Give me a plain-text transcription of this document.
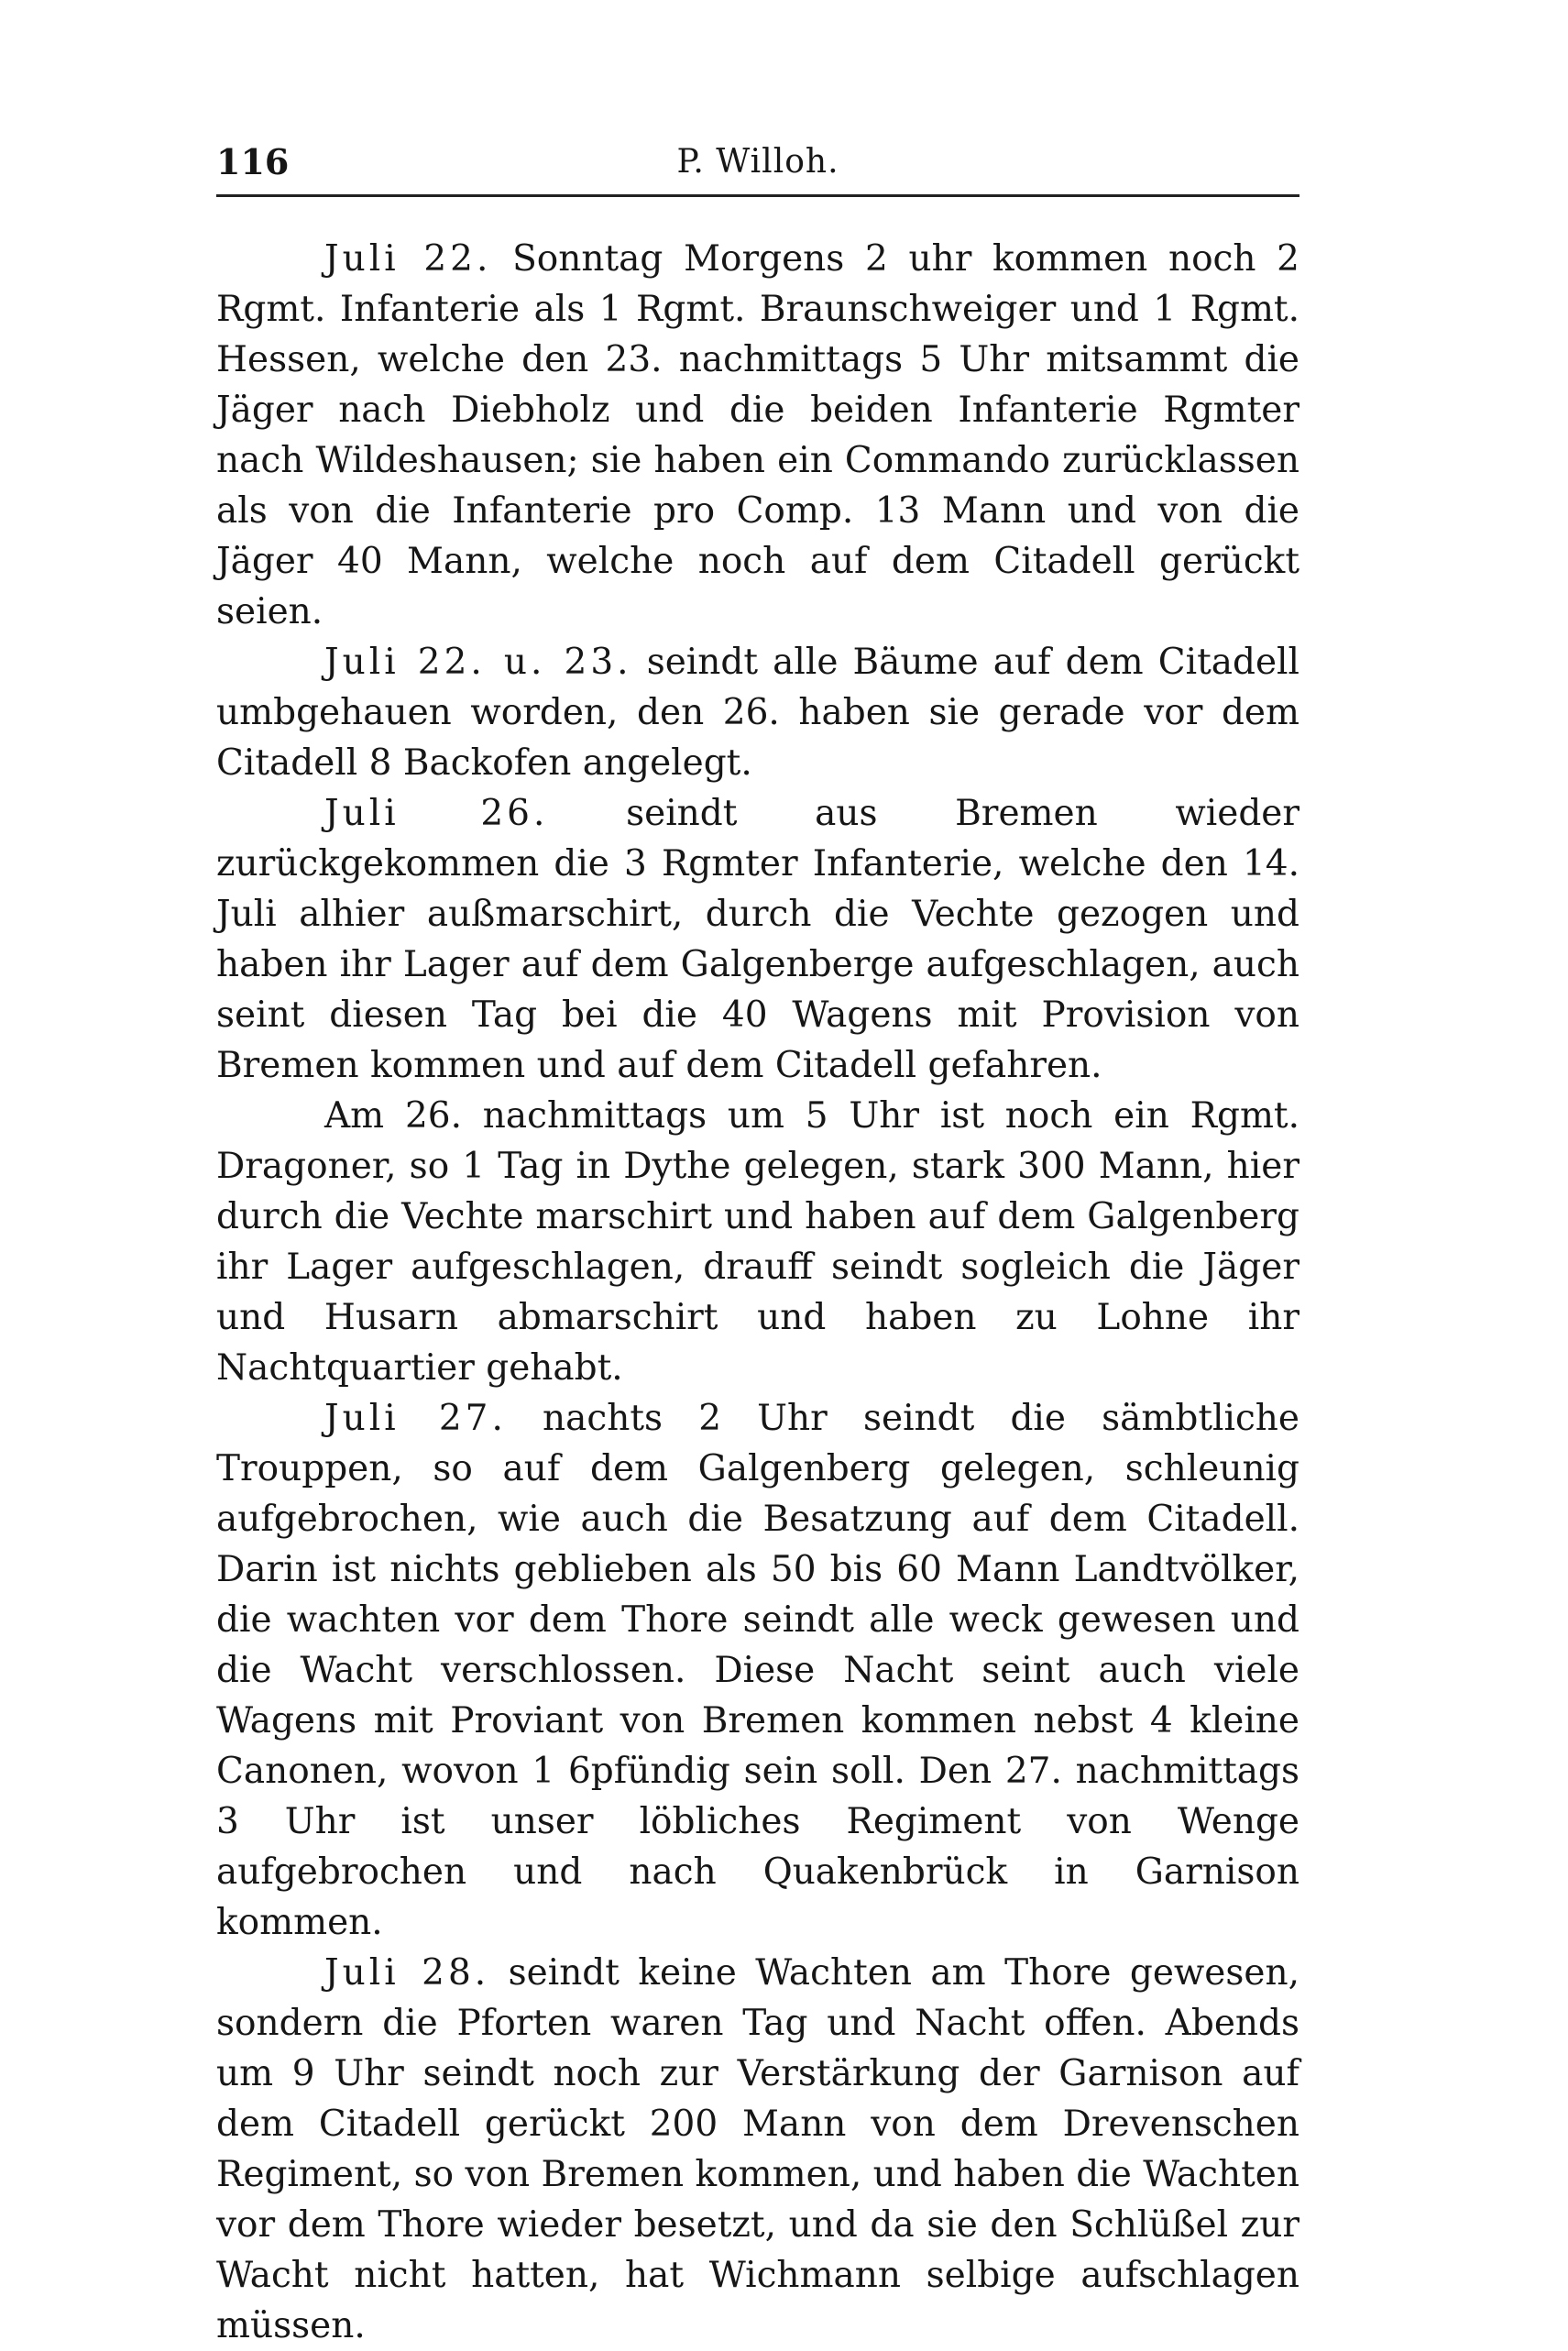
116	P. Willoh.

Juli 22. Sonntag Morgens 2 uhr kommen noch 2 Rgmt. Infanterie als 1 Rgmt. Braunschweiger und 1 Rgmt. Hessen, welche den 23. nachmittags 5 Uhr mitsammt die Jäger nach Diebholz und die beiden Infanterie Rgmter nach Wildeshausen; sie haben ein Commando zurücklassen als von die Infanterie pro Comp. 13 Mann und von die Jäger 40 Mann, welche noch auf dem Citadell gerückt seien.

Juli 22. u. 23. seindt alle Bäume auf dem Citadell umbgehauen worden, den 26. haben sie gerade vor dem Citadell 8 Backofen angelegt.

Juli 26. seindt aus Bremen wieder zurückgekommen die 3 Rgmter Infanterie, welche den 14. Juli alhier außmarschirt, durch die Vechte gezogen und haben ihr Lager auf dem Galgenberge aufgeschlagen, auch seint diesen Tag bei die 40 Wagens mit Provision von Bremen kommen und auf dem Citadell gefahren.

Am 26. nachmittags um 5 Uhr ist noch ein Rgmt. Dragoner, so 1 Tag in Dythe gelegen, stark 300 Mann, hier durch die Vechte marschirt und haben auf dem Galgenberg ihr Lager aufgeschlagen, drauff seindt sogleich die Jäger und Husarn abmarschirt und haben zu Lohne ihr Nachtquartier gehabt.

Juli 27. nachts 2 Uhr seindt die sämbtliche Trouppen, so auf dem Galgenberg gelegen, schleunig aufgebrochen, wie auch die Besatzung auf dem Citadell. Darin ist nichts geblieben als 50 bis 60 Mann Landtvölker, die wachten vor dem Thore seindt alle weck gewesen und die Wacht verschlossen. Diese Nacht seint auch viele Wagens mit Proviant von Bremen kommen nebst 4 kleine Canonen, wovon 1 6pfündig sein soll. Den 27. nachmittags 3 Uhr ist unser löbliches Regiment von Wenge aufgebrochen und nach Quakenbrück in Garnison kommen.

Juli 28. seindt keine Wachten am Thore gewesen, sondern die Pforten waren Tag und Nacht offen. Abends um 9 Uhr seindt noch zur Verstärkung der Garnison auf dem Citadell gerückt 200 Mann von dem Drevenschen Regiment, so von Bremen kommen, und haben die Wachten vor dem Thore wieder besetzt, und da sie den Schlüßel zur Wacht nicht hatten, hat Wichmann selbige aufschlagen müssen.
